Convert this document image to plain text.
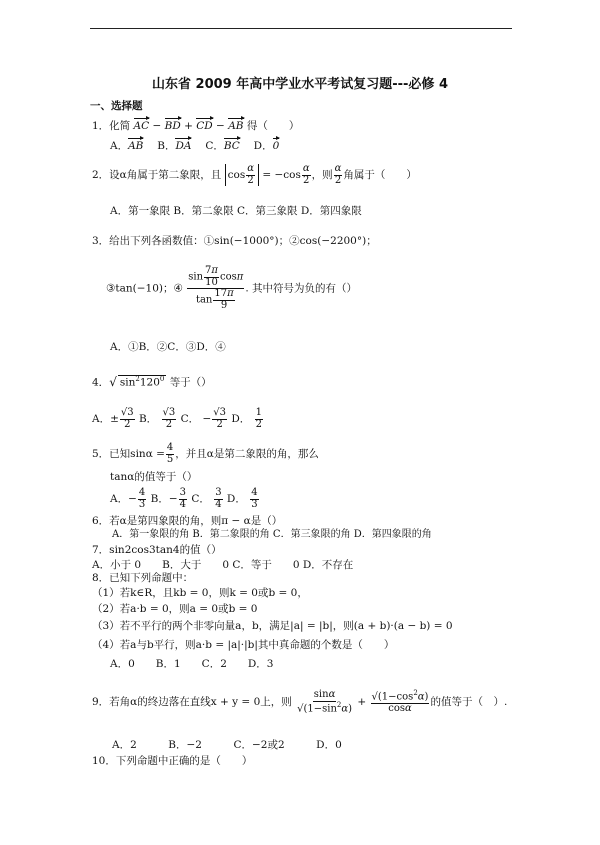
山东省 2009 年高中学业水平考试复习题---必修 4
一、选择题
1．化简 AC − BD + CD − AB 得（　　）
A．AB　 B．DA　 C．BC　 D．0
2．设α角属于第二象限，且 $\cos \frac{\alpha}{2} = -\cos \frac{\alpha}{2}$ ，则 $\frac{\alpha}{2}$ 角属于（　　）
A．第一象限 B．第二象限 C．第三象限 D．第四象限
3．给出下列各函数值：①sin(−1000°)；②cos(−2200°)；
③tan(−10)；④ $\frac{\sin \frac{7\pi}{10} \cos\pi}{\tan \frac{17\pi}{9}}$ . 其中符号为负的有（）
A．①B．②C．③D．④
4．√ $\sin^2120^0$ 等于（）
A．± $\frac{√3}{2}$ B． $\frac{√3}{2}$ C． − $\frac{√3}{2}$ D． $\frac{1}{2}$
5．已知$\sin\alpha = \frac{4}{5}$ ，并且α是第二象限的角，那么
tanα的值等于（）
A．− $\frac{4}{3}$ B．− $\frac{3}{4}$ C． $\frac{3}{4}$ D． $\frac{4}{3}$
6．若α是第四象限的角，则π − α是（）
A．第一象限的角 B．第二象限的角 C．第三象限的角 D．第四象限的角
7．sin2cos3tan4的值（）
A．小于 0　　B．大于　　0 C．等于　　0 D．不存在
8．已知下列命题中：
（1）若k∈R，且kb = 0，则k = 0或b = 0，
（2）若a·b = 0，则a = 0或b = 0
（3）若不平行的两个非零向量a，b，满足|a| = |b|，则(a + b)·(a − b) = 0
（4）若a与b平行，则a·b = |a|·|b|其中真命题的个数是（　　）
A．0　　B．1　　C．2　　D．3
9．若角α的终边落在直线x + y = 0上，则 $\frac{\sin\alpha}{√(1-\sin^2\alpha)} + \frac{√(1-\cos^2\alpha)}{\cos\alpha}$ 的值等于（　）.
A．2　　　B．−2　　　C．−2或2　　　D．0
10．下列命题中正确的是（　　）
